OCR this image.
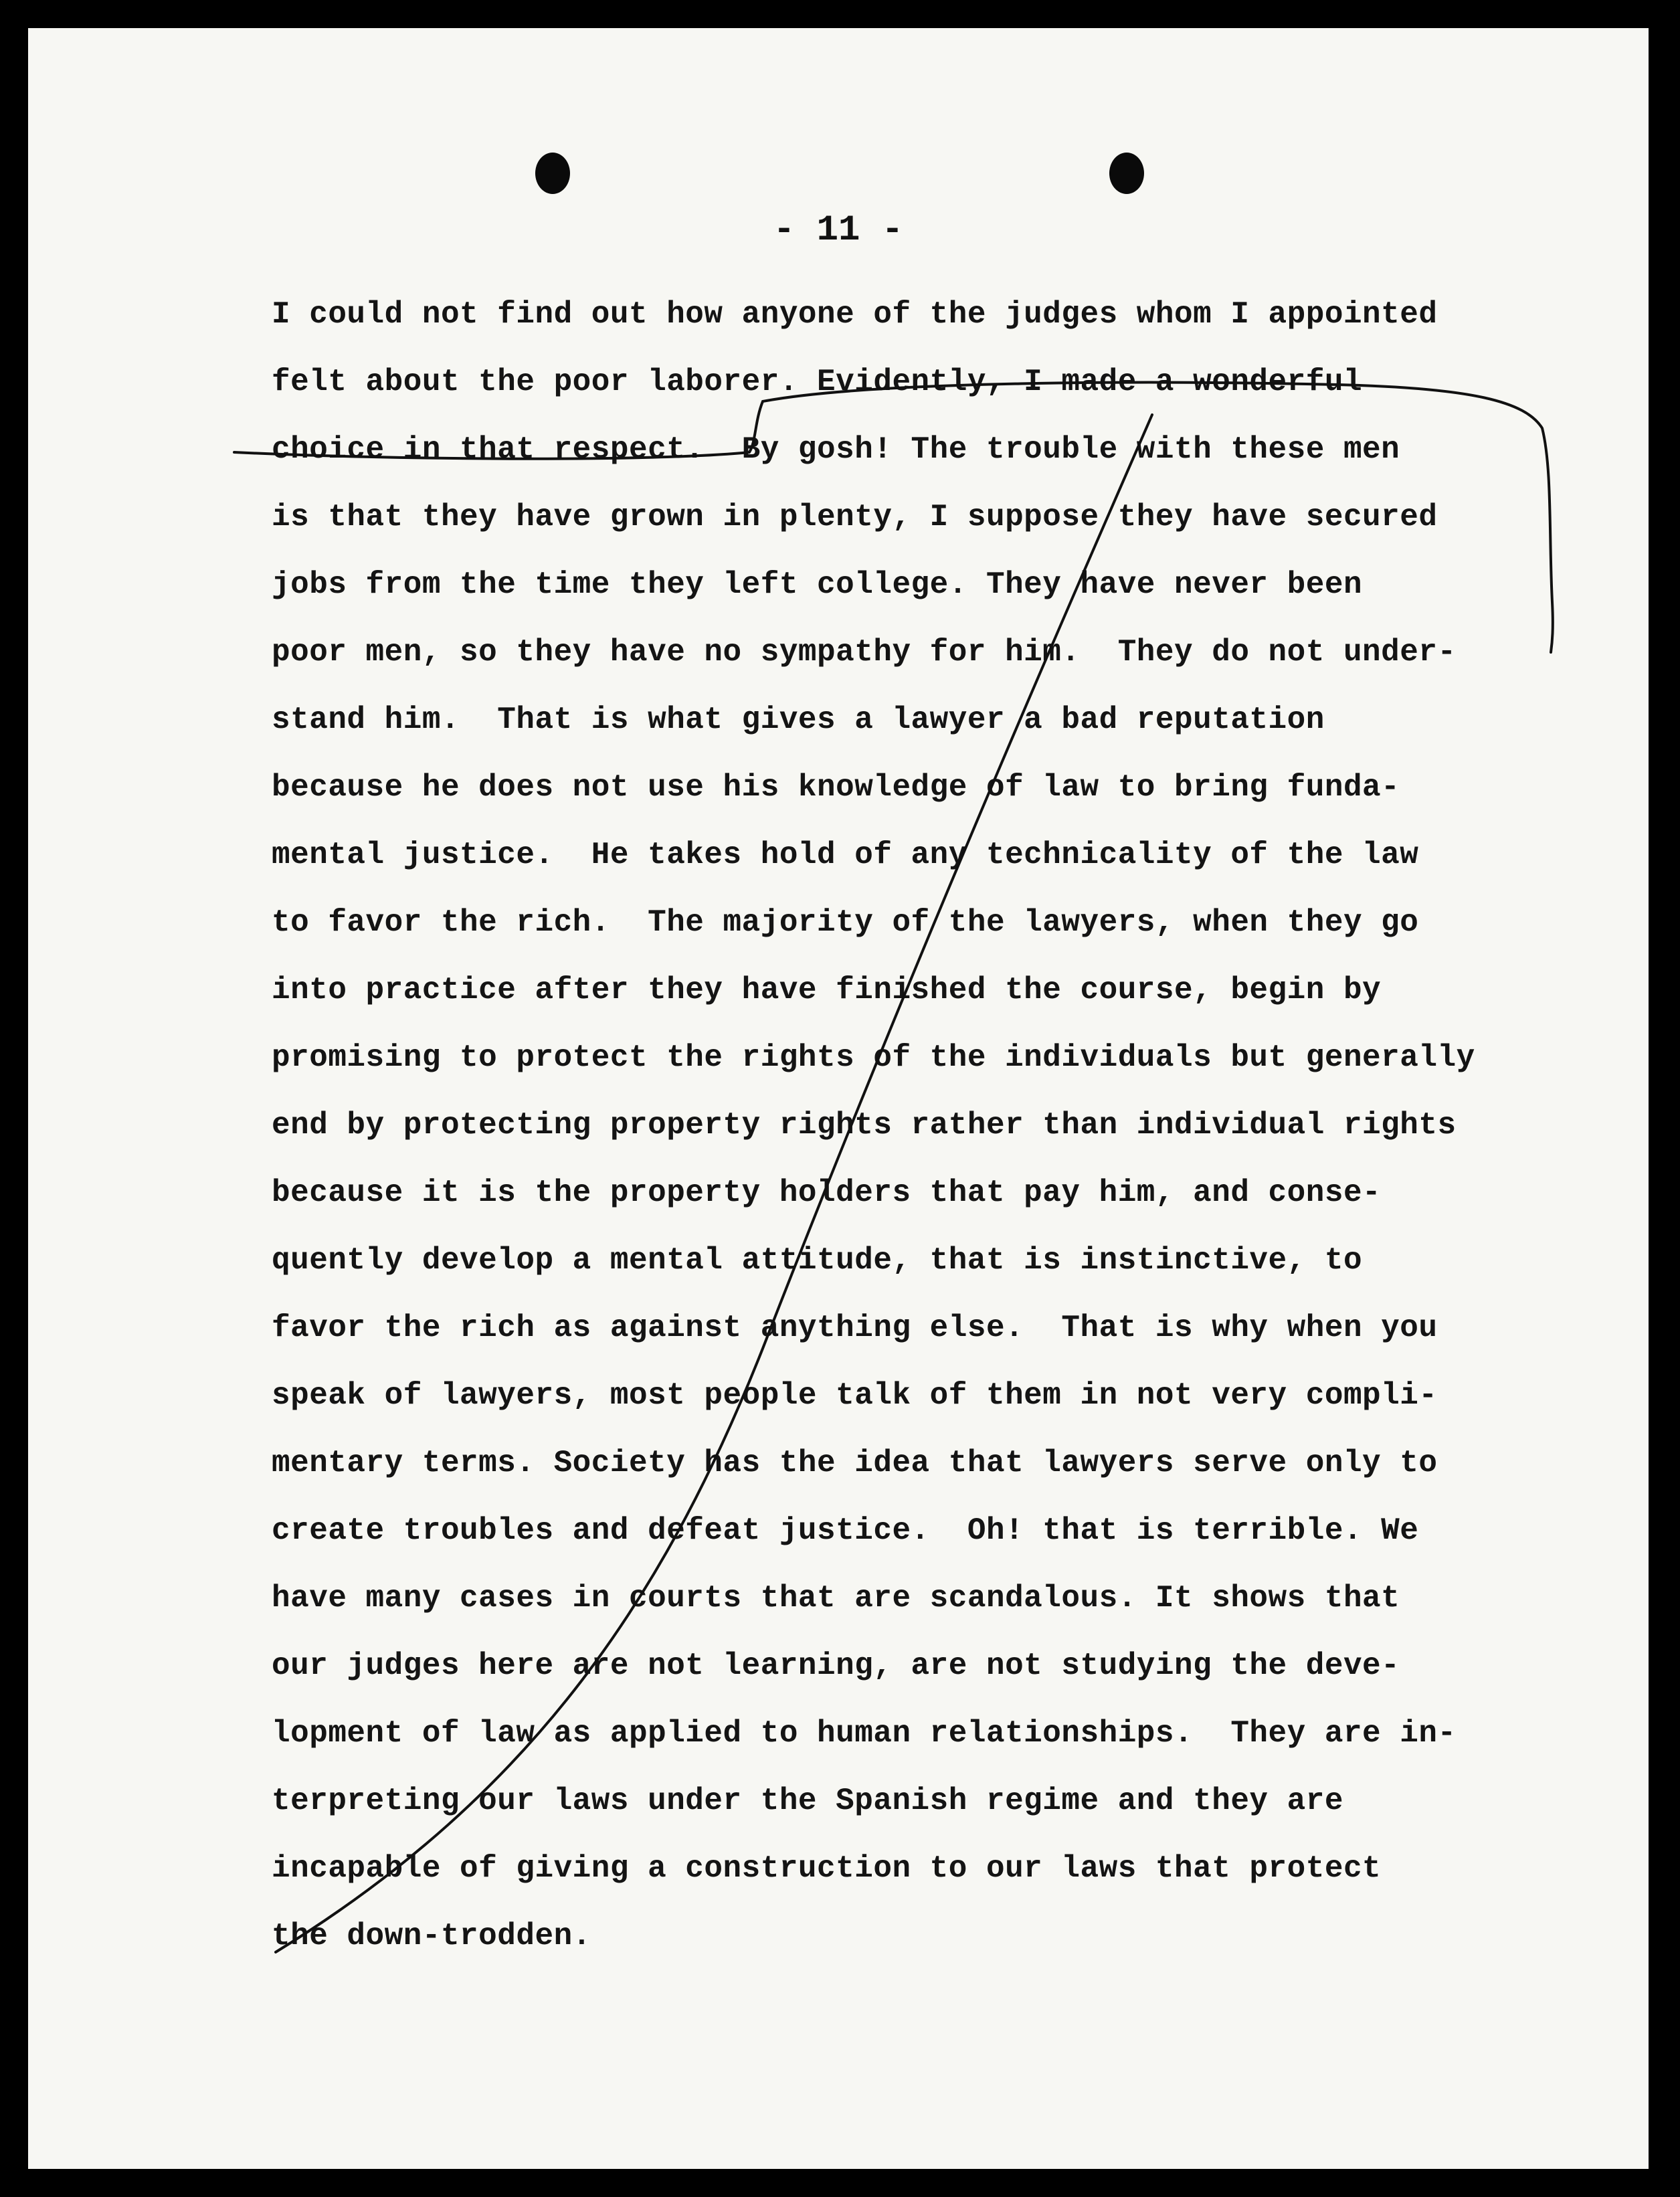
- 11 -
I could not find out how anyone of the judges whom I appointed
felt about the poor laborer. Evidently, I made a wonderful
choice in that respect.  By gosh! The trouble with these men
is that they have grown in plenty, I suppose they have secured
jobs from the time they left college. They have never been
poor men, so they have no sympathy for him.  They do not under-
stand him.  That is what gives a lawyer a bad reputation
because he does not use his knowledge of law to bring funda-
mental justice.  He takes hold of any technicality of the law
to favor the rich.  The majority of the lawyers, when they go
into practice after they have finished the course, begin by
promising to protect the rights of the individuals but generally
end by protecting property rights rather than individual rights
because it is the property holders that pay him, and conse-
quently develop a mental attitude, that is instinctive, to
favor the rich as against anything else.  That is why when you
speak of lawyers, most people talk of them in not very compli-
mentary terms. Society has the idea that lawyers serve only to
create troubles and defeat justice.  Oh! that is terrible. We
have many cases in courts that are scandalous. It shows that
our judges here are not learning, are not studying the deve-
lopment of law as applied to human relationships.  They are in-
terpreting our laws under the Spanish regime and they are
incapable of giving a construction to our laws that protect
the down-trodden.
